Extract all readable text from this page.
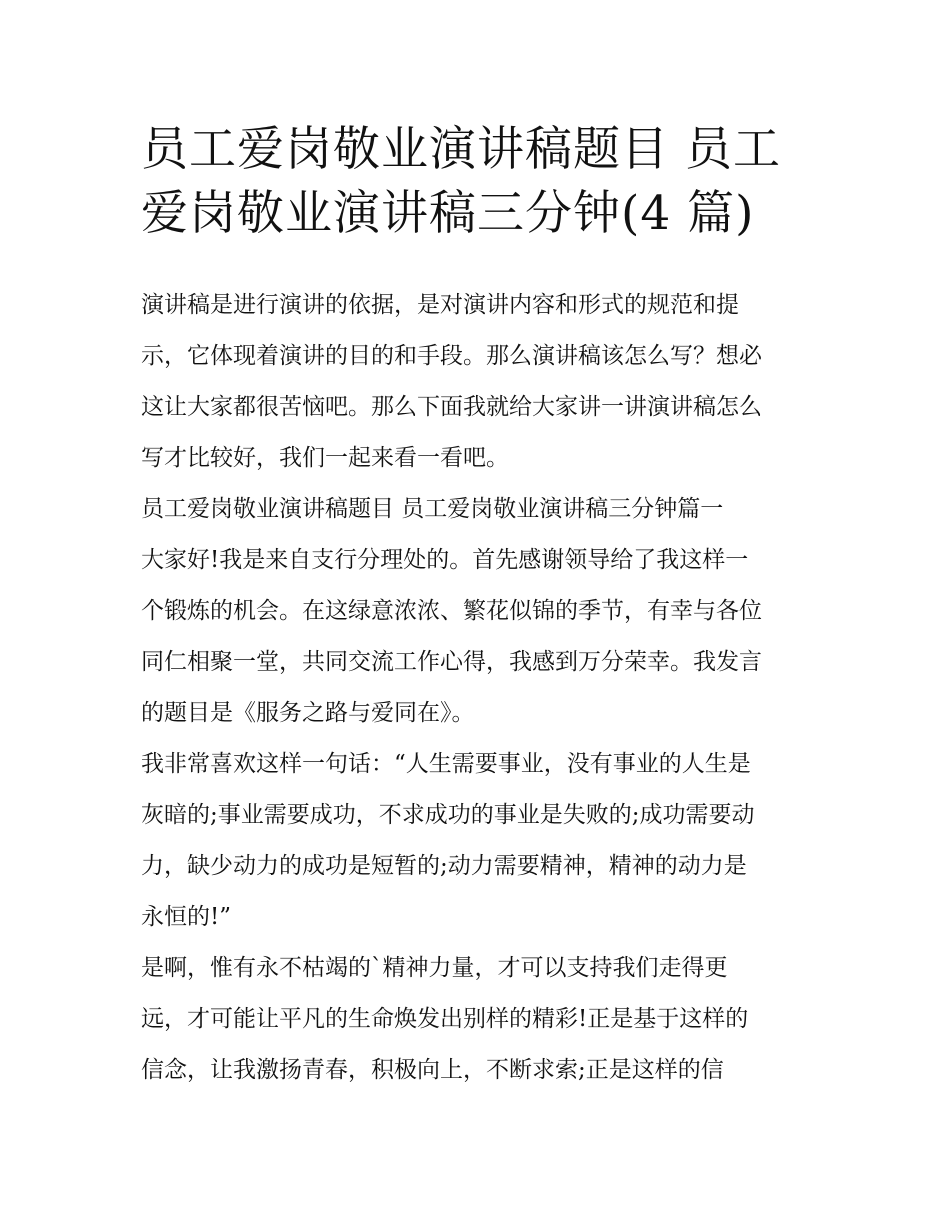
员工爱岗敬业演讲稿题目 员工
爱岗敬业演讲稿三分钟(4 篇)
演讲稿是进行演讲的依据，是对演讲内容和形式的规范和提
示，它体现着演讲的目的和手段。那么演讲稿该怎么写？想必
这让大家都很苦恼吧。那么下面我就给大家讲一讲演讲稿怎么
写才比较好，我们一起来看一看吧。
员工爱岗敬业演讲稿题目 员工爱岗敬业演讲稿三分钟篇一
大家好!我是来自支行分理处的。首先感谢领导给了我这样一
个锻炼的机会。在这绿意浓浓、繁花似锦的季节，有幸与各位
同仁相聚一堂，共同交流工作心得，我感到万分荣幸。我发言
的题目是《服务之路与爱同在》。
我非常喜欢这样一句话：“人生需要事业，没有事业的人生是
灰暗的;事业需要成功，不求成功的事业是失败的;成功需要动
力，缺少动力的成功是短暂的;动力需要精神，精神的动力是
永恒的!”
是啊，惟有永不枯竭的`精神力量，才可以支持我们走得更
远，才可能让平凡的生命焕发出别样的精彩!正是基于这样的
信念，让我激扬青春，积极向上，不断求索;正是这样的信
